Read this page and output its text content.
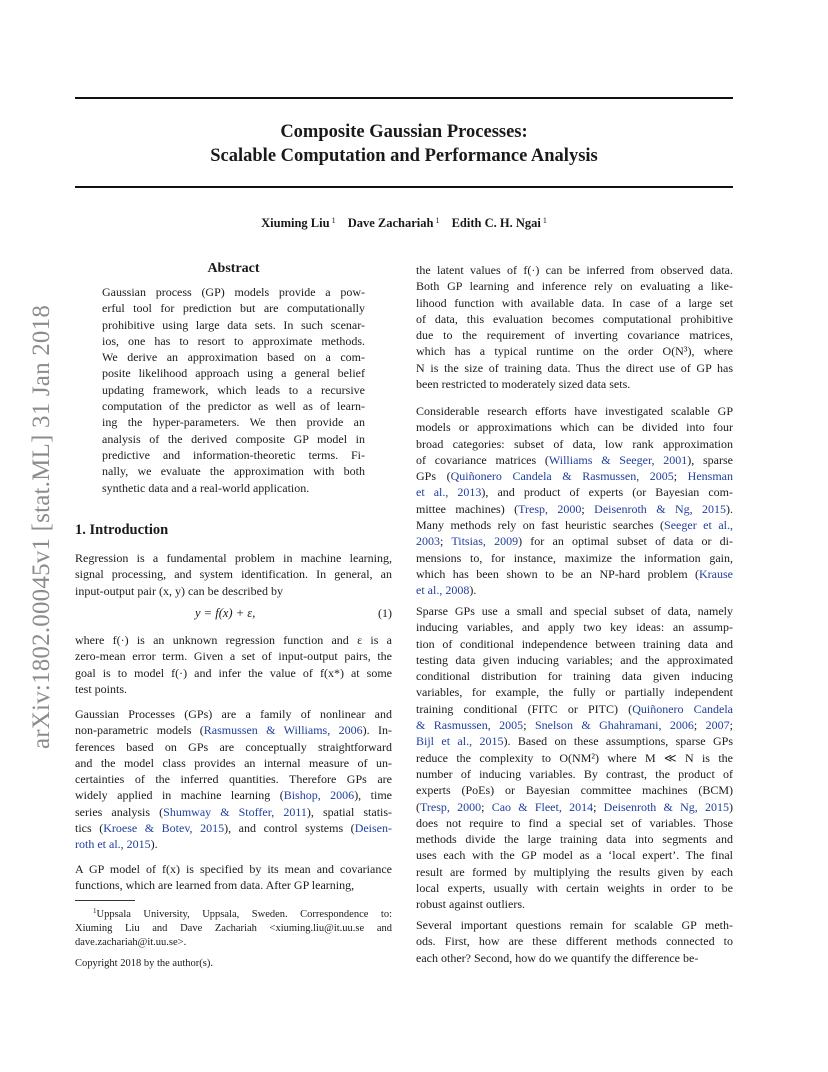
Composite Gaussian Processes:
Scalable Computation and Performance Analysis
Xiuming Liu $^1$ Dave Zachariah $^1$ Edith C. H. Ngai $^1$
arXiv:1802.00045v1 [stat.ML] 31 Jan 2018
Abstract
Gaussian process (GP) models provide a pow-
erful tool for prediction but are computationally
prohibitive using large data sets. In such scenar-
ios, one has to resort to approximate methods.
We derive an approximation based on a com-
posite likelihood approach using a general belief
updating framework, which leads to a recursive
computation of the predictor as well as of learn-
ing the hyper-parameters. We then provide an
analysis of the derived composite GP model in
predictive and information-theoretic terms. Fi-
nally, we evaluate the approximation with both
synthetic data and a real-world application.
1. Introduction
Regression is a fundamental problem in machine learning,
signal processing, and system identification. In general, an
input-output pair (x, y) can be described by
y = f(x) + ε,	(1)
where f(·) is an unknown regression function and ε is a
zero-mean error term. Given a set of input-output pairs, the
goal is to model f(·) and infer the value of f(x*) at some
test points.
Gaussian Processes (GPs) are a family of nonlinear and
non-parametric models (Rasmussen & Williams, 2006). In-
ferences based on GPs are conceptually straightforward
and the model class provides an internal measure of un-
certainties of the inferred quantities. Therefore GPs are
widely applied in machine learning (Bishop, 2006), time
series analysis (Shumway & Stoffer, 2011), spatial statis-
tics (Kroese & Botev, 2015), and control systems (Deisen-
roth et al., 2015).
A GP model of f(x) is specified by its mean and covariance
functions, which are learned from data. After GP learning,
$^1$Uppsala University, Uppsala, Sweden. Correspondence to:
Xiuming Liu and Dave Zachariah <xiuming.liu@it.uu.se and
dave.zachariah@it.uu.se>.
Copyright 2018 by the author(s).
the latent values of f(·) can be inferred from observed data.
Both GP learning and inference rely on evaluating a like-
lihood function with available data. In case of a large set
of data, this evaluation becomes computational prohibitive
due to the requirement of inverting covariance matrices,
which has a typical runtime on the order O(N³), where
N is the size of training data. Thus the direct use of GP has
been restricted to moderately sized data sets.
Considerable research efforts have investigated scalable GP
models or approximations which can be divided into four
broad categories: subset of data, low rank approximation
of covariance matrices (Williams & Seeger, 2001), sparse
GPs (Quiñonero Candela & Rasmussen, 2005; Hensman
et al., 2013), and product of experts (or Bayesian com-
mittee machines) (Tresp, 2000; Deisenroth & Ng, 2015).
Many methods rely on fast heuristic searches (Seeger et al.,
2003; Titsias, 2009) for an optimal subset of data or di-
mensions to, for instance, maximize the information gain,
which has been shown to be an NP-hard problem (Krause
et al., 2008).
Sparse GPs use a small and special subset of data, namely
inducing variables, and apply two key ideas: an assump-
tion of conditional independence between training data and
testing data given inducing variables; and the approximated
conditional distribution for training data given inducing
variables, for example, the fully or partially independent
training conditional (FITC or PITC) (Quiñonero Candela
& Rasmussen, 2005; Snelson & Ghahramani, 2006; 2007;
Bijl et al., 2015). Based on these assumptions, sparse GPs
reduce the complexity to O(NM²) where M ≪ N is the
number of inducing variables. By contrast, the product of
experts (PoEs) or Bayesian committee machines (BCM)
(Tresp, 2000; Cao & Fleet, 2014; Deisenroth & Ng, 2015)
does not require to find a special set of variables. Those
methods divide the large training data into segments and
uses each with the GP model as a ‘local expert’. The final
result are formed by multiplying the results given by each
local experts, usually with certain weights in order to be
robust against outliers.
Several important questions remain for scalable GP meth-
ods. First, how are these different methods connected to
each other? Second, how do we quantify the difference be-
